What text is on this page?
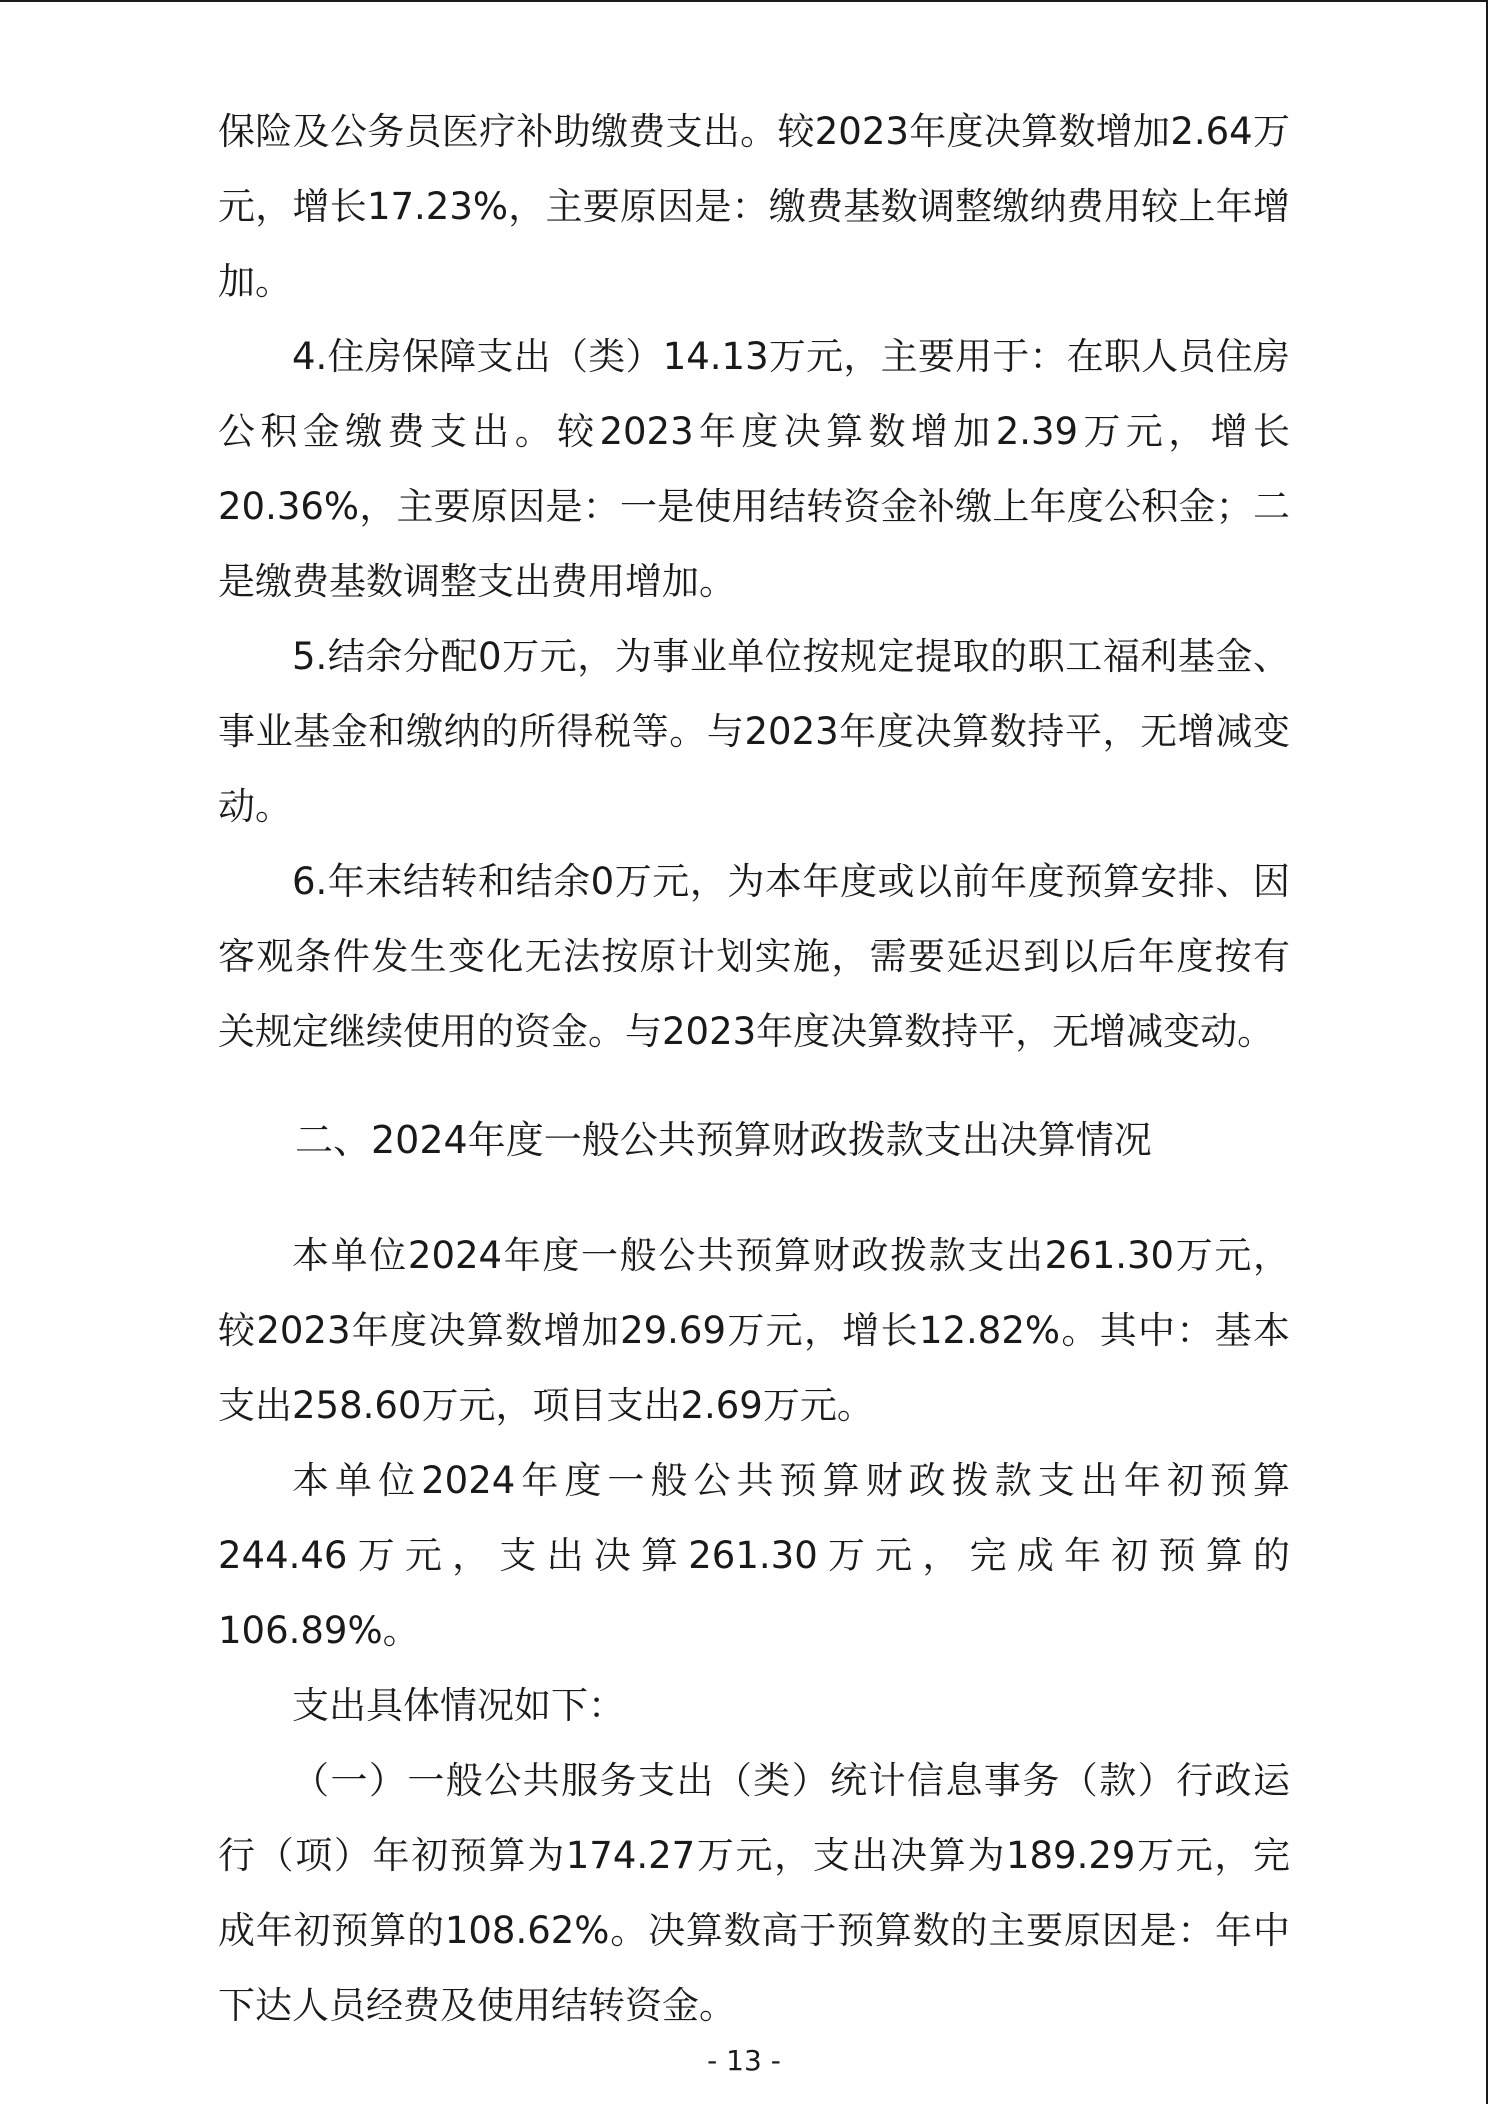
保险及公务员医疗补助缴费支出。较2023年度决算数增加2.64万元，增长17.23%，主要原因是：缴费基数调整缴纳费用较上年增加。

4.住房保障支出（类）14.13万元，主要用于：在职人员住房公积金缴费支出。较2023年度决算数增加2.39万元，增长20.36%，主要原因是：一是使用结转资金补缴上年度公积金；二是缴费基数调整支出费用增加。

5.结余分配0万元，为事业单位按规定提取的职工福利基金、事业基金和缴纳的所得税等。与2023年度决算数持平，无增减变动。

6.年末结转和结余0万元，为本年度或以前年度预算安排、因客观条件发生变化无法按原计划实施，需要延迟到以后年度按有关规定继续使用的资金。与2023年度决算数持平，无增减变动。

二、2024年度一般公共预算财政拨款支出决算情况

本单位2024年度一般公共预算财政拨款支出261.30万元，较2023年度决算数增加29.69万元，增长12.82%。其中：基本支出258.60万元，项目支出2.69万元。

本单位2024年度一般公共预算财政拨款支出年初预算244.46万元，支出决算261.30万元，完成年初预算的106.89%。

支出具体情况如下：

（一）一般公共服务支出（类）统计信息事务（款）行政运行（项）年初预算为174.27万元，支出决算为189.29万元，完成年初预算的108.62%。决算数高于预算数的主要原因是：年中下达人员经费及使用结转资金。

- 13 -
